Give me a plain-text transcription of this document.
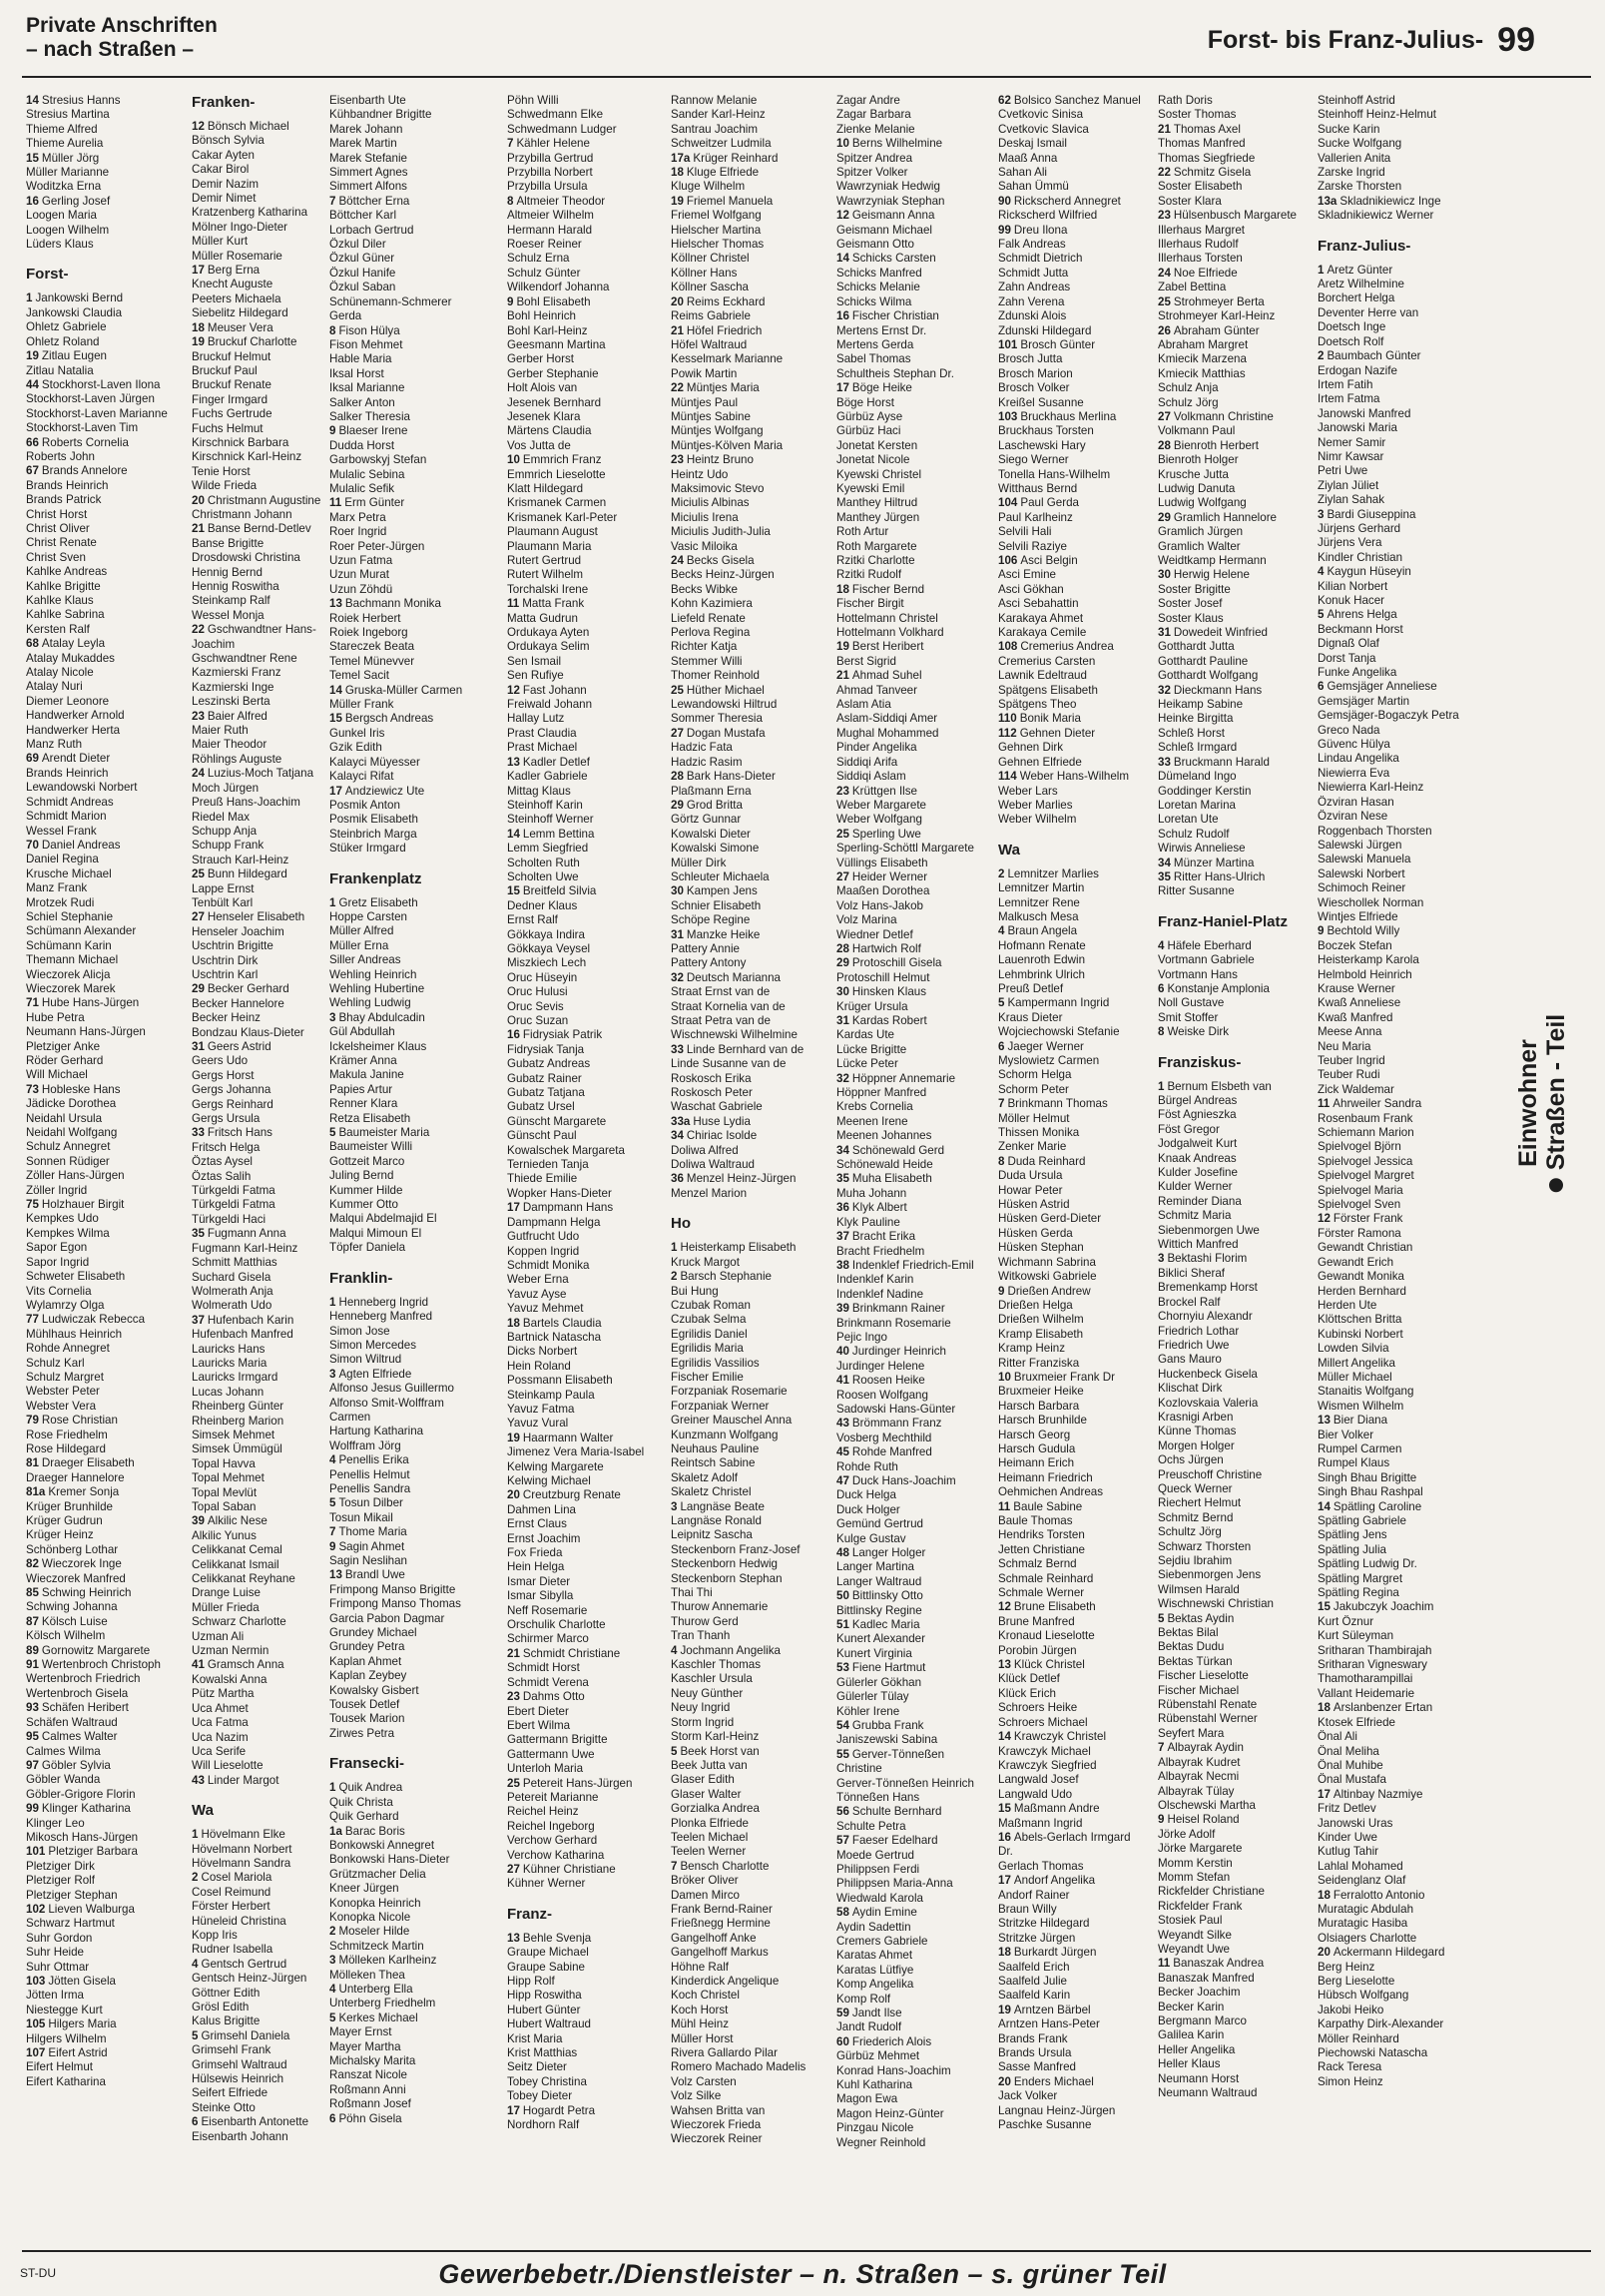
Private Anschriften
– nach Straßen –	Forst- bis Franz-Julius- 99
14 Stresius Hanns
Stresius Martina
Thieme Alfred
Thieme Aurelia
15 Müller Jörg
Müller Marianne
Woditzka Erna
16 Gerling Josef
Loogen Maria
Loogen Wilhelm
Lüders Klaus
Forst-
1 Jankowski Bernd
Jankowski Claudia
Ohletz Gabriele
Ohletz Roland
19 Zitlau Eugen
Zitlau Natalia
44 Stockhorst-Laven Ilona
Stockhorst-Laven Jürgen
Stockhorst-Laven Marianne
Stockhorst-Laven Tim
66 Roberts Cornelia
Roberts John
67 Brands Annelore
Brands Heinrich
Brands Patrick
Christ Horst
Christ Oliver
Christ Renate
Christ Sven
Kahlke Andreas
Kahlke Brigitte
Kahlke Klaus
Kahlke Sabrina
Kersten Ralf
68 Atalay Leyla
Atalay Mukaddes
Atalay Nicole
Atalay Nuri
Diemer Leonore
Handwerker Arnold
Handwerker Herta
Manz Ruth
69 Arendt Dieter
Brands Heinrich
Lewandowski Norbert
Schmidt Andreas
Schmidt Marion
Wessel Frank
70 Daniel Andreas
Daniel Regina
Krusche Michael
Manz Frank
Mrotzek Rudi
Schiel Stephanie
Schümann Alexander
Schümann Karin
Themann Michael
Wieczorek Alicja
Wieczorek Marek
71 Hube Hans-Jürgen
Hube Petra
Neumann Hans-Jürgen
Pletziger Anke
Röder Gerhard
Will Michael
73 Hobleske Hans
Jädicke Dorothea
Neidahl Ursula
Neidahl Wolfgang
Schulz Annegret
Sonnen Rüdiger
Zöller Hans-Jürgen
Zöller Ingrid
75 Holzhauer Birgit
Kempkes Udo
Kempkes Wilma
Sapor Egon
Sapor Ingrid
Schweter Elisabeth
Vits Cornelia
Wylamrzy Olga
77 Ludwiczak Rebecca
Mühlhaus Heinrich
Rohde Annegret
Schulz Karl
Schulz Margret
Webster Peter
Webster Vera
79 Rose Christian
Rose Friedhelm
Rose Hildegard
81 Draeger Elisabeth
Draeger Hannelore
81a Kremer Sonja
Krüger Brunhilde
Krüger Gudrun
Krüger Heinz
Schönberg Lothar
82 Wieczorek Inge
Wieczorek Manfred
85 Schwing Heinrich
Schwing Johanna
87 Kölsch Luise
Kölsch Wilhelm
89 Gornowitz Margarete
91 Wertenbroch Christoph
Wertenbroch Friedrich
Wertenbroch Gisela
93 Schäfen Heribert
Schäfen Waltraud
95 Calmes Walter
Calmes Wilma
97 Göbler Sylvia
Göbler Wanda
Göbler-Grigore Florin
99 Klinger Katharina
Klinger Leo
Mikosch Hans-Jürgen
101 Pletziger Barbara
Pletziger Dirk
Pletziger Rolf
Pletziger Stephan
102 Lieven Walburga
Schwarz Hartmut
Suhr Gordon
Suhr Heide
Suhr Ottmar
103 Jötten Gisela
Jötten Irma
Niestegge Kurt
105 Hilgers Maria
Hilgers Wilhelm
107 Eifert Astrid
Eifert Helmut
Eifert Katharina
Franken-
12 Bönsch Michael
Bönsch Sylvia
Cakar Ayten
Cakar Birol
Demir Nazim
Demir Nimet
Kratzenberg Katharina
Mölner Ingo-Dieter
Müller Kurt
Müller Rosemarie
17 Berg Erna
Knecht Auguste
Peeters Michaela
Siebelitz Hildegard
18 Meuser Vera
19 Bruckuf Charlotte
Bruckuf Helmut
Bruckuf Paul
Bruckuf Renate
Finger Irmgard
Fuchs Gertrude
Fuchs Helmut
Kirschnick Barbara
Kirschnick Karl-Heinz
Tenie Horst
Wilde Frieda
20 Christmann Augustine
Christmann Johann
21 Banse Bernd-Detlev
Banse Brigitte
Drosdowski Christina
Hennig Bernd
Hennig Roswitha
Steinkamp Ralf
Wessel Monja
22 Gschwandtner Hans-
Joachim
Gschwandtner Rene
Kazmierski Franz
Kazmierski Inge
Leszinski Berta
23 Baier Alfred
Maier Ruth
Maier Theodor
Röhlings Auguste
24 Luzius-Moch Tatjana
Moch Jürgen
Preuß Hans-Joachim
Riedel Max
Schupp Anja
Schupp Frank
Strauch Karl-Heinz
25 Bunn Hildegard
Lappe Ernst
Tenbült Karl
27 Henseler Elisabeth
Henseler Joachim
Uschtrin Brigitte
Uschtrin Dirk
Uschtrin Karl
29 Becker Gerhard
Becker Hannelore
Becker Heinz
Bondzau Klaus-Dieter
31 Geers Astrid
Geers Udo
Gergs Horst
Gergs Johanna
Gergs Reinhard
Gergs Ursula
33 Fritsch Hans
Fritsch Helga
Öztas Aysel
Öztas Salih
Türkgeldi Fatma
Türkgeldi Fatma
Türkgeldi Haci
35 Fugmann Anna
Fugmann Karl-Heinz
Schmitt Matthias
Suchard Gisela
Wolmerath Anja
Wolmerath Udo
37 Hufenbach Karin
Hufenbach Manfred
Lauricks Hans
Lauricks Maria
Lauricks Irmgard
Lucas Johann
Rheinberg Günter
Rheinberg Marion
Simsek Mehmet
Simsek Ümmügül
Topal Havva
Topal Mehmet
Topal Mevlüt
Topal Saban
39 Alkilic Nese
Alkilic Yunus
Celikkanat Cemal
Celikkanat Ismail
Celikkanat Reyhane
Drange Luise
Müller Frieda
Schwarz Charlotte
Uzman Ali
Uzman Nermin
41 Gramsch Anna
Kowalski Anna
Pütz Martha
Uca Ahmet
Uca Fatma
Uca Nazim
Uca Serife
Will Lieselotte
43 Linder Margot
Wa
1 Hövelmann Elke
Hövelmann Norbert
Hövelmann Sandra
2 Cosel Mariola
Cosel Reimund
Förster Herbert
Hüneleid Christina
Kopp Iris
Rudner Isabella
4 Gentsch Gertrud
Gentsch Heinz-Jürgen
Göttner Edith
Grösl Edith
Kalus Brigitte
5 Grimsehl Daniela
Grimsehl Frank
Grimsehl Waltraud
Hülsewis Heinrich
Seifert Elfriede
Steinke Otto
6 Eisenbarth Antonette
Eisenbarth Johann
Eisenbarth Ute
Kühbandner Brigitte
Marek Johann
Marek Martin
Marek Stefanie
Simmert Agnes
Simmert Alfons
7 Böttcher Erna
Böttcher Karl
Lorbach Gertrud
Özkul Diler
Özkul Güner
Özkul Hanife
Özkul Saban
Schünemann-Schmerer
Gerda
8 Fison Hülya
Fison Mehmet
Hable Maria
Iksal Horst
Iksal Marianne
Salker Anton
Salker Theresia
9 Blaeser Irene
Dudda Horst
Garbowskyj Stefan
Mulalic Sebina
Mulalic Sefik
11 Erm Günter
Marx Petra
Roer Ingrid
Roer Peter-Jürgen
Uzun Fatma
Uzun Murat
Uzun Zöhdü
13 Bachmann Monika
Roiek Herbert
Roiek Ingeborg
Stareczek Beata
Temel Münevver
Temel Sacit
14 Gruska-Müller Carmen
Müller Frank
15 Bergsch Andreas
Gunkel Iris
Gzik Edith
Kalayci Müyesser
Kalayci Rifat
17 Andziewicz Ute
Posmik Anton
Posmik Elisabeth
Steinbrich Marga
Stüker Irmgard
Frankenplatz
1 Gretz Elisabeth
Hoppe Carsten
Müller Alfred
Müller Erna
Siller Andreas
Wehling Heinrich
Wehling Hubertine
Wehling Ludwig
3 Bhay Abdulcadin
Gül Abdullah
Ickelsheimer Klaus
Krämer Anna
Makula Janine
Papies Artur
Renner Klara
Retza Elisabeth
5 Baumeister Maria
Baumeister Willi
Gottzeit Marco
Juling Bernd
Kummer Hilde
Kummer Otto
Malqui Abdelmajid El
Malqui Mimoun El
Töpfer Daniela
Franklin-
1 Henneberg Ingrid
Henneberg Manfred
Simon Jose
Simon Mercedes
Simon Wiltrud
3 Agten Elfriede
Alfonso Jesus Guillermo
Alfonso Smit-Wolffram
Carmen
Hartung Katharina
Wolffram Jörg
4 Penellis Erika
Penellis Helmut
Penellis Sandra
5 Tosun Dilber
Tosun Mikail
7 Thome Maria
9 Sagin Ahmet
Sagin Neslihan
13 Brandl Uwe
Frimpong Manso Brigitte
Frimpong Manso Thomas
Garcia Pabon Dagmar
Grundey Michael
Grundey Petra
Kaplan Ahmet
Kaplan Zeybey
Kowalsky Gisbert
Tousek Detlef
Tousek Marion
Zirwes Petra
Fransecki-
1 Quik Andrea
Quik Christa
Quik Gerhard
1a Barac Boris
Bonkowski Annegret
Bonkowski Hans-Dieter
Grützmacher Delia
Kneer Jürgen
Konopka Heinrich
Konopka Nicole
2 Moseler Hilde
Schmitzeck Martin
3 Mölleken Karlheinz
Mölleken Thea
4 Unterberg Ella
Unterberg Friedhelm
5 Kerkes Michael
Mayer Ernst
Mayer Martha
Michalsky Marita
Ranszat Nicole
Roßmann Anni
Roßmann Josef
6 Pöhn Gisela
Pöhn Willi
Schwedmann Elke
Schwedmann Ludger
7 Kähler Helene
Przybilla Gertrud
Przybilla Norbert
Przybilla Ursula
8 Altmeier Theodor
Altmeier Wilhelm
Hermann Harald
Roeser Reiner
Schulz Erna
Schulz Günter
Wilkendorf Johanna
9 Bohl Elisabeth
Bohl Heinrich
Bohl Karl-Heinz
Geesmann Martina
Gerber Horst
Gerber Stephanie
Holt Alois van
Jesenek Bernhard
Jesenek Klara
Märtens Claudia
Vos Jutta de
10 Emmrich Franz
Emmrich Lieselotte
Klatt Hildegard
Krismanek Carmen
Krismanek Karl-Peter
Plaumann August
Plaumann Maria
Rutert Gertrud
Rutert Wilhelm
Torchalski Irene
11 Matta Frank
Matta Gudrun
Ordukaya Ayten
Ordukaya Selim
Sen Ismail
Sen Rufiye
12 Fast Johann
Freiwald Johann
Hallay Lutz
Prast Claudia
Prast Michael
13 Kadler Detlef
Kadler Gabriele
Mittag Klaus
Steinhoff Karin
Steinhoff Werner
14 Lemm Bettina
Lemm Siegfried
Scholten Ruth
Scholten Uwe
15 Breitfeld Silvia
Dedner Klaus
Ernst Ralf
Gökkaya Indira
Gökkaya Veysel
Miszkiech Lech
Oruc Hüseyin
Oruc Hulusi
Oruc Sevis
Oruc Suzan
16 Fidrysiak Patrik
Fidrysiak Tanja
Gubatz Andreas
Gubatz Rainer
Gubatz Tatjana
Gubatz Ursel
Günscht Margarete
Günscht Paul
Kowalschek Margareta
Ternieden Tanja
Thiede Emilie
Wopker Hans-Dieter
17 Dampmann Hans
Dampmann Helga
Gutfrucht Udo
Koppen Ingrid
Schmidt Monika
Weber Erna
Yavuz Ayse
Yavuz Mehmet
18 Bartels Claudia
Bartnick Natascha
Dicks Norbert
Hein Roland
Possmann Elisabeth
Steinkamp Paula
Yavuz Fatma
Yavuz Vural
19 Haarmann Walter
Jimenez Vera Maria-Isabel
Kelwing Margarete
Kelwing Michael
20 Creutzburg Renate
Dahmen Lina
Ernst Claus
Ernst Joachim
Fox Frieda
Hein Helga
Ismar Dieter
Ismar Sibylla
Neff Rosemarie
Orschulik Charlotte
Schirmer Marco
21 Schmidt Christiane
Schmidt Horst
Schmidt Verena
23 Dahms Otto
Ebert Dieter
Ebert Wilma
Gattermann Brigitte
Gattermann Uwe
Unterloh Maria
25 Petereit Hans-Jürgen
Petereit Marianne
Reichel Heinz
Reichel Ingeborg
Verchow Gerhard
Verchow Katharina
27 Kühner Christiane
Kühner Werner
Franz-
13 Behle Svenja
Graupe Michael
Graupe Sabine
Hipp Rolf
Hipp Roswitha
Hubert Günter
Hubert Waltraud
Krist Maria
Krist Matthias
Seitz Dieter
Tobey Christina
Tobey Dieter
17 Hogardt Petra
Nordhorn Ralf
Rannow Melanie
Sander Karl-Heinz
Santrau Joachim
Schweitzer Ludmila
17a Krüger Reinhard
18 Kluge Elfriede
Kluge Wilhelm
19 Friemel Manuela
Friemel Wolfgang
Hielscher Martina
Hielscher Thomas
Köllner Christel
Köllner Hans
Köllner Sascha
20 Reims Eckhard
Reims Gabriele
21 Höfel Friedrich
Höfel Waltraud
Kesselmark Marianne
Powik Martin
22 Müntjes Maria
Müntjes Paul
Müntjes Sabine
Müntjes Wolfgang
Müntjes-Kölven Maria
23 Heintz Bruno
Heintz Udo
Maksimovic Stevo
Miciulis Albinas
Miciulis Irena
Miciulis Judith-Julia
Vasic Miloika
24 Becks Gisela
Becks Heinz-Jürgen
Becks Wibke
Kohn Kazimiera
Liefeld Renate
Perlova Regina
Richter Katja
Stemmer Willi
Thomer Reinhold
25 Hüther Michael
Lewandowski Hiltrud
Sommer Theresia
27 Dogan Mustafa
Hadzic Fata
Hadzic Rasim
28 Bark Hans-Dieter
Plaßmann Erna
29 Grod Britta
Görtz Gunnar
Kowalski Dieter
Kowalski Simone
Müller Dirk
Schleuter Michaela
30 Kampen Jens
Schnier Elisabeth
Schöpe Regine
31 Manzke Heike
Pattery Annie
Pattery Antony
32 Deutsch Marianna
Straat Ernst van de
Straat Kornelia van de
Straat Petra van de
Wischnewski Wilhelmine
33 Linde Bernhard van de
Linde Susanne van de
Roskosch Erika
Roskosch Peter
Waschat Gabriele
33a Huse Lydia
34 Chiriac Isolde
Doliwa Alfred
Doliwa Waltraud
36 Menzel Heinz-Jürgen
Menzel Marion
Ho
1 Heisterkamp Elisabeth
Kruck Margot
2 Barsch Stephanie
Bui Hung
Czubak Roman
Czubak Selma
Egrilidis Daniel
Egrilidis Maria
Egrilidis Vassilios
Fischer Emilie
Forzpaniak Rosemarie
Forzpaniak Werner
Greiner Mauschel Anna
Kunzmann Wolfgang
Neuhaus Pauline
Reintsch Sabine
Skaletz Adolf
Skaletz Christel
3 Langnäse Beate
Langnäse Ronald
Leipnitz Sascha
Steckenborn Franz-Josef
Steckenborn Hedwig
Steckenborn Stephan
Thai Thi
Thurow Annemarie
Thurow Gerd
Tran Thanh
4 Jochmann Angelika
Kaschler Thomas
Kaschler Ursula
Neuy Günther
Neuy Ingrid
Storm Ingrid
Storm Karl-Heinz
5 Beek Horst van
Beek Jutta van
Glaser Edith
Glaser Walter
Gorzialka Andrea
Plonka Elfriede
Teelen Michael
Teelen Werner
7 Bensch Charlotte
Bröker Oliver
Damen Mirco
Frank Bernd-Rainer
Frießnegg Hermine
Gangelhoff Anke
Gangelhoff Markus
Höhne Ralf
Kinderdick Angelique
Koch Christel
Koch Horst
Mühl Heinz
Müller Horst
Rivera Gallardo Pilar
Romero Machado Madelis
Volz Carsten
Volz Silke
Wahsen Britta van
Wieczorek Frieda
Wieczorek Reiner
Zagar Andre
Zagar Barbara
Zienke Melanie
10 Berns Wilhelmine
Spitzer Andrea
Spitzer Volker
Wawrzyniak Hedwig
Wawrzyniak Stephan
12 Geismann Anna
Geismann Michael
Geismann Otto
14 Schicks Carsten
Schicks Manfred
Schicks Melanie
Schicks Wilma
16 Fischer Christian
Mertens Ernst Dr.
Mertens Gerda
Sabel Thomas
Schultheis Stephan Dr.
17 Böge Heike
Böge Horst
Gürbüz Ayse
Gürbüz Haci
Jonetat Kersten
Jonetat Nicole
Kyewski Christel
Kyewski Emil
Manthey Hiltrud
Manthey Jürgen
Roth Artur
Roth Margarete
Rzitki Charlotte
Rzitki Rudolf
18 Fischer Bernd
Fischer Birgit
Hottelmann Christel
Hottelmann Volkhard
19 Berst Heribert
Berst Sigrid
21 Ahmad Suhel
Ahmad Tanveer
Aslam Atia
Aslam-Siddiqi Amer
Mughal Mohammed
Pinder Angelika
Siddiqi Arifa
Siddiqi Aslam
23 Krüttgen Ilse
Weber Margarete
Weber Wolfgang
25 Sperling Uwe
Sperling-Schöttl Margarete
Vüllings Elisabeth
27 Heider Werner
Maaßen Dorothea
Volz Hans-Jakob
Volz Marina
Wiedner Detlef
28 Hartwich Rolf
29 Protoschill Gisela
Protoschill Helmut
30 Hinsken Klaus
Krüger Ursula
31 Kardas Robert
Kardas Ute
Lücke Brigitte
Lücke Peter
32 Höppner Annemarie
Höppner Manfred
Krebs Cornelia
Meenen Irene
Meenen Johannes
34 Schönewald Gerd
Schönewald Heide
35 Muha Elisabeth
Muha Johann
36 Klyk Albert
Klyk Pauline
37 Bracht Erika
Bracht Friedhelm
38 Indenklef Friedrich-Emil
Indenklef Karin
Indenklef Nadine
39 Brinkmann Rainer
Brinkmann Rosemarie
Pejic Ingo
40 Jurdinger Heinrich
Jurdinger Helene
41 Roosen Heike
Roosen Wolfgang
Sadowski Hans-Günter
43 Brömmann Franz
Vosberg Mechthild
45 Rohde Manfred
Rohde Ruth
47 Duck Hans-Joachim
Duck Helga
Duck Holger
Gemünd Gertrud
Kulge Gustav
48 Langer Holger
Langer Martina
Langer Waltraud
50 Bittlinsky Otto
Bittlinsky Regine
51 Kadlec Maria
Kunert Alexander
Kunert Virginia
53 Fiene Hartmut
Gülerler Gökhan
Gülerler Tülay
Köhler Irene
54 Grubba Frank
Janiszewski Sabina
55 Gerver-Tönneßen
Christine
Gerver-Tönneßen Heinrich
Tönneßen Hans
56 Schulte Bernhard
Schulte Petra
57 Faeser Edelhard
Moede Gertrud
Philippsen Ferdi
Philippsen Maria-Anna
Wiedwald Karola
58 Aydin Emine
Aydin Sadettin
Cremers Gabriele
Karatas Ahmet
Karatas Lütfiye
Komp Angelika
Komp Rolf
59 Jandt Ilse
Jandt Rudolf
60 Friederich Alois
Gürbüz Mehmet
Konrad Hans-Joachim
Kuhl Katharina
Magon Ewa
Magon Heinz-Günter
Pinzgau Nicole
Wegner Reinhold
62 Bolsico Sanchez Manuel
Cvetkovic Sinisa
Cvetkovic Slavica
Deskaj Ismail
Maaß Anna
Sahan Ali
Sahan Ümmü
90 Rickscherd Annegret
Rickscherd Wilfried
99 Dreu Ilona
Falk Andreas
Schmidt Dietrich
Schmidt Jutta
Zahn Andreas
Zahn Verena
Zdunski Alois
Zdunski Hildegard
101 Brosch Günter
Brosch Jutta
Brosch Marion
Brosch Volker
Kreißel Susanne
103 Bruckhaus Merlina
Bruckhaus Torsten
Laschewski Hary
Siego Werner
Tonella Hans-Wilhelm
Witthaus Bernd
104 Paul Gerda
Paul Karlheinz
Selvili Hali
Selvili Raziye
106 Asci Belgin
Asci Emine
Asci Gökhan
Asci Sebahattin
Karakaya Ahmet
Karakaya Cemile
108 Cremerius Andrea
Cremerius Carsten
Lawnik Edeltraud
Spätgens Elisabeth
Spätgens Theo
110 Bonik Maria
112 Gehnen Dieter
Gehnen Dirk
Gehnen Elfriede
114 Weber Hans-Wilhelm
Weber Lars
Weber Marlies
Weber Wilhelm
Wa
2 Lemnitzer Marlies
Lemnitzer Martin
Lemnitzer Rene
Malkusch Mesa
4 Braun Angela
Hofmann Renate
Lauenroth Edwin
Lehmbrink Ulrich
Preuß Detlef
5 Kampermann Ingrid
Kraus Dieter
Wojciechowski Stefanie
6 Jaeger Werner
Myslowietz Carmen
Schorm Helga
Schorm Peter
7 Brinkmann Thomas
Möller Helmut
Thissen Monika
Zenker Marie
8 Duda Reinhard
Duda Ursula
Howar Peter
Hüsken Astrid
Hüsken Gerd-Dieter
Hüsken Gerda
Hüsken Stephan
Wichmann Sabrina
Witkowski Gabriele
9 Drießen Andrew
Drießen Helga
Drießen Wilhelm
Kramp Elisabeth
Kramp Heinz
Ritter Franziska
10 Bruxmeier Frank Dr
Bruxmeier Heike
Harsch Barbara
Harsch Brunhilde
Harsch Georg
Harsch Gudula
Heimann Erich
Heimann Friedrich
Oehmichen Andreas
11 Baule Sabine
Baule Thomas
Hendriks Torsten
Jetten Christiane
Schmalz Bernd
Schmale Reinhard
Schmale Werner
12 Brune Elisabeth
Brune Manfred
Kronaud Lieselotte
Porobin Jürgen
13 Klück Christel
Klück Detlef
Klück Erich
Schroers Heike
Schroers Michael
14 Krawczyk Christel
Krawczyk Michael
Krawczyk Siegfried
Langwald Josef
Langwald Udo
15 Maßmann Andre
Maßmann Ingrid
16 Abels-Gerlach Irmgard
Dr.
Gerlach Thomas
17 Andorf Angelika
Andorf Rainer
Braun Willy
Stritzke Hildegard
Stritzke Jürgen
18 Burkardt Jürgen
Saalfeld Erich
Saalfeld Julie
Saalfeld Karin
19 Arntzen Bärbel
Arntzen Hans-Peter
Brands Frank
Brands Ursula
Sasse Manfred
20 Enders Michael
Jack Volker
Langnau Heinz-Jürgen
Paschke Susanne
Rath Doris
Soster Thomas
21 Thomas Axel
Thomas Manfred
Thomas Siegfriede
22 Schmitz Gisela
Soster Elisabeth
Soster Klara
23 Hülsenbusch Margarete
Illerhaus Margret
Illerhaus Rudolf
Illerhaus Torsten
24 Noe Elfriede
Zabel Bettina
25 Strohmeyer Berta
Strohmeyer Karl-Heinz
26 Abraham Günter
Abraham Margret
Kmiecik Marzena
Kmiecik Matthias
Schulz Anja
Schulz Jörg
27 Volkmann Christine
Volkmann Paul
28 Bienroth Herbert
Bienroth Holger
Krusche Jutta
Ludwig Danuta
Ludwig Wolfgang
29 Gramlich Hannelore
Gramlich Jürgen
Gramlich Walter
Weidtkamp Hermann
30 Herwig Helene
Soster Brigitte
Soster Josef
Soster Klaus
31 Dowedeit Winfried
Gotthardt Jutta
Gotthardt Pauline
Gotthardt Wolfgang
32 Dieckmann Hans
Heikamp Sabine
Heinke Birgitta
Schleß Horst
Schleß Irmgard
33 Bruckmann Harald
Dümeland Ingo
Goddinger Kerstin
Loretan Marina
Loretan Ute
Schulz Rudolf
Wirwis Anneliese
34 Münzer Martina
35 Ritter Hans-Ulrich
Ritter Susanne
Franz-Haniel-Platz
4 Häfele Eberhard
Vortmann Gabriele
Vortmann Hans
6 Konstanje Amplonia
Noll Gustave
Smit Stoffer
8 Weiske Dirk
Franziskus-
1 Bernum Elsbeth van
Bürgel Andreas
Föst Agnieszka
Föst Gregor
Jodgalweit Kurt
Knaak Andreas
Kulder Josefine
Kulder Werner
Reminder Diana
Schmitz Maria
Siebenmorgen Uwe
Wittich Manfred
3 Bektashi Florim
Biklici Sheraf
Bremenkamp Horst
Brockel Ralf
Chornyiu Alexandr
Friedrich Lothar
Friedrich Uwe
Gans Mauro
Huckenbeck Gisela
Klischat Dirk
Kozlovskaia Valeria
Krasnigi Arben
Künne Thomas
Morgen Holger
Ochs Jürgen
Preuschoff Christine
Queck Werner
Riechert Helmut
Schmitz Bernd
Schultz Jörg
Schwarz Thorsten
Sejdiu Ibrahim
Siebenmorgen Jens
Wilmsen Harald
Wischnewski Christian
5 Bektas Aydin
Bektas Bilal
Bektas Dudu
Bektas Türkan
Fischer Lieselotte
Fischer Michael
Rübenstahl Renate
Rübenstahl Werner
Seyfert Mara
7 Albayrak Aydin
Albayrak Kudret
Albayrak Necmi
Albayrak Tülay
Olschewski Martha
9 Heisel Roland
Jörke Adolf
Jörke Margarete
Momm Kerstin
Momm Stefan
Rickfelder Christiane
Rickfelder Frank
Stosiek Paul
Weyandt Silke
Weyandt Uwe
11 Banaszak Andrea
Banaszak Manfred
Becker Joachim
Becker Karin
Bergmann Marco
Galilea Karin
Heller Angelika
Heller Klaus
Neumann Horst
Neumann Waltraud
Steinhoff Astrid
Steinhoff Heinz-Helmut
Sucke Karin
Sucke Wolfgang
Vallerien Anita
Zarske Ingrid
Zarske Thorsten
13a Skladnikiewicz Inge
Skladnikiewicz Werner
Franz-Julius-
1 Aretz Günter
Aretz Wilhelmine
Borchert Helga
Deventer Herre van
Doetsch Inge
Doetsch Rolf
2 Baumbach Günter
Erdogan Nazife
Irtem Fatih
Irtem Fatma
Janowski Manfred
Janowski Maria
Nemer Samir
Nimr Kawsar
Petri Uwe
Ziylan Jüliet
Ziylan Sahak
3 Bardi Giuseppina
Jürjens Gerhard
Jürjens Vera
Kindler Christian
4 Kaygun Hüseyin
Kilian Norbert
Konuk Hacer
5 Ahrens Helga
Beckmann Horst
Dignaß Olaf
Dorst Tanja
Funke Angelika
6 Gemsjäger Anneliese
Gemsjäger Martin
Gemsjäger-Bogaczyk Petra
Greco Nada
Güvenc Hülya
Lindau Angelika
Niewierra Eva
Niewierra Karl-Heinz
Özviran Hasan
Özviran Nese
Roggenbach Thorsten
Salewski Jürgen
Salewski Manuela
Salewski Norbert
Schimoch Reiner
Wieschollek Norman
Wintjes Elfriede
9 Bechtold Willy
Boczek Stefan
Heisterkamp Karola
Helmbold Heinrich
Krause Werner
Kwaß Anneliese
Kwaß Manfred
Meese Anna
Neu Maria
Teuber Ingrid
Teuber Rudi
Zick Waldemar
11 Ahrweiler Sandra
Rosenbaum Frank
Schiemann Marion
Spielvogel Björn
Spielvogel Jessica
Spielvogel Margret
Spielvogel Maria
Spielvogel Sven
12 Förster Frank
Förster Ramona
Gewandt Christian
Gewandt Erich
Gewandt Monika
Herden Bernhard
Herden Ute
Klöttschen Britta
Kubinski Norbert
Lowden Silvia
Millert Angelika
Müller Michael
Stanaitis Wolfgang
Wismen Wilhelm
13 Bier Diana
Bier Volker
Rumpel Carmen
Rumpel Klaus
Singh Bhau Brigitte
Singh Bhau Rashpal
14 Spätling Caroline
Spätling Gabriele
Spätling Jens
Spätling Julia
Spätling Ludwig Dr.
Spätling Margret
Spätling Regina
15 Jakubczyk Joachim
Kurt Öznur
Kurt Süleyman
Sritharan Thambirajah
Sritharan Vigneswary
Thamotharampillai
Vallant Heidemarie
18 Arslanbenzer Ertan
Ktosek Elfriede
Önal Ali
Önal Meliha
Önal Muhibe
Önal Mustafa
17 Altinbay Nazmiye
Fritz Detlev
Janowski Uras
Kinder Uwe
Kutlug Tahir
Lahlal Mohamed
Seidenglanz Olaf
18 Ferralotto Antonio
Muratagic Abdulah
Muratagic Hasiba
Olsiagers Charlotte
20 Ackermann Hildegard
Berg Heinz
Berg Lieselotte
Hübsch Wolfgang
Jakobi Heiko
Karpathy Dirk-Alexander
Möller Reinhard
Piechowski Natascha
Rack Teresa
Simon Heinz
Einwohner Straßen - Teil
ST-DU	Gewerbebetr./Dienstleister – n. Straßen – s. grüner Teil
